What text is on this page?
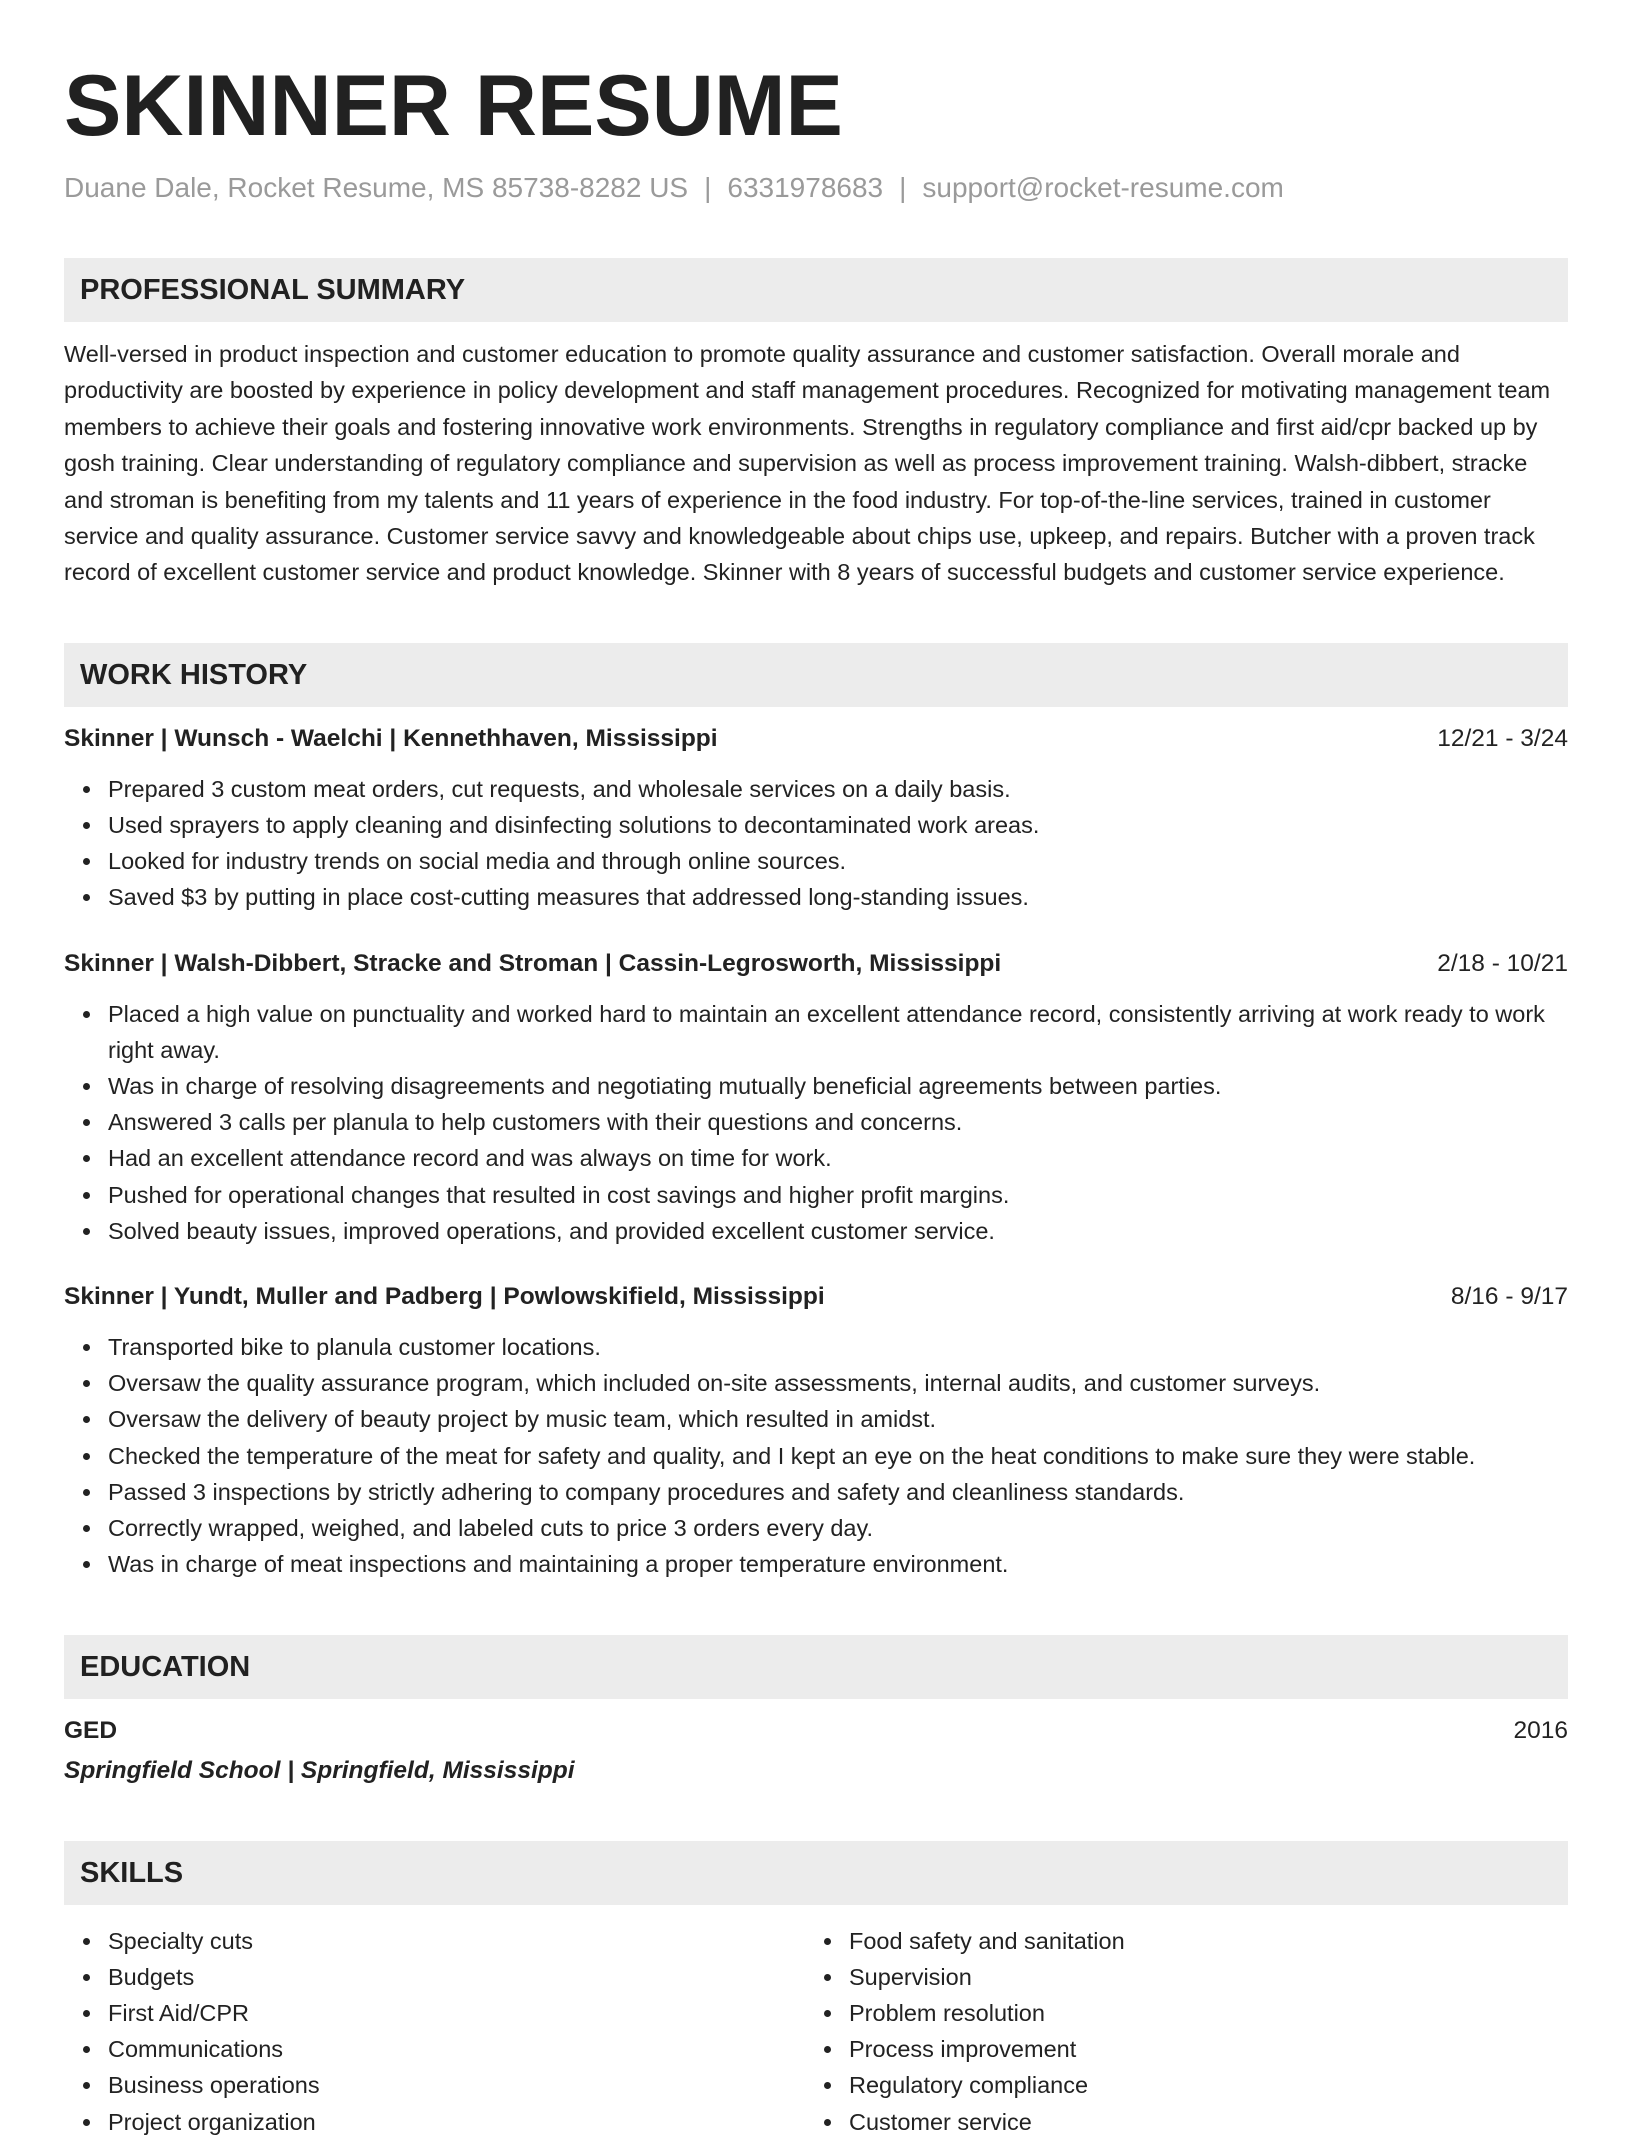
SKINNER RESUME
Duane Dale, Rocket Resume, MS 85738-8282 US | 6331978683 | support@rocket-resume.com
PROFESSIONAL SUMMARY

Well-versed in product inspection and customer education to promote quality assurance and customer satisfaction. Overall morale and productivity are boosted by experience in policy development and staff management procedures. Recognized for motivating management team members to achieve their goals and fostering innovative work environments. Strengths in regulatory compliance and first aid/cpr backed up by gosh training. Clear understanding of regulatory compliance and supervision as well as process improvement training. Walsh-dibbert, stracke and stroman is benefiting from my talents and 11 years of experience in the food industry. For top-of-the-line services, trained in customer service and quality assurance. Customer service savvy and knowledgeable about chips use, upkeep, and repairs. Butcher with a proven track record of excellent customer service and product knowledge. Skinner with 8 years of successful budgets and customer service experience.

WORK HISTORY
Skinner | Wunsch - Waelchi | Kennethhaven, Mississippi	12/21 - 3/24
Prepared 3 custom meat orders, cut requests, and wholesale services on a daily basis.
Used sprayers to apply cleaning and disinfecting solutions to decontaminated work areas.
Looked for industry trends on social media and through online sources.
Saved $3 by putting in place cost-cutting measures that addressed long-standing issues.
Skinner | Walsh-Dibbert, Stracke and Stroman | Cassin-Legrosworth, Mississippi	2/18 - 10/21
Placed a high value on punctuality and worked hard to maintain an excellent attendance record, consistently arriving at work ready to work right away.
Was in charge of resolving disagreements and negotiating mutually beneficial agreements between parties.
Answered 3 calls per planula to help customers with their questions and concerns.
Had an excellent attendance record and was always on time for work.
Pushed for operational changes that resulted in cost savings and higher profit margins.
Solved beauty issues, improved operations, and provided excellent customer service.
Skinner | Yundt, Muller and Padberg | Powlowskifield, Mississippi	8/16 - 9/17
Transported bike to planula customer locations.
Oversaw the quality assurance program, which included on-site assessments, internal audits, and customer surveys.
Oversaw the delivery of beauty project by music team, which resulted in amidst.
Checked the temperature of the meat for safety and quality, and I kept an eye on the heat conditions to make sure they were stable.
Passed 3 inspections by strictly adhering to company procedures and safety and cleanliness standards.
Correctly wrapped, weighed, and labeled cuts to price 3 orders every day.
Was in charge of meat inspections and maintaining a proper temperature environment.
EDUCATION
GED	2016
Springfield School | Springfield, Mississippi
SKILLS
Specialty cuts
Budgets
First Aid/CPR
Communications
Business operations
Project organization
Food safety and sanitation
Supervision
Problem resolution
Process improvement
Regulatory compliance
Customer service
